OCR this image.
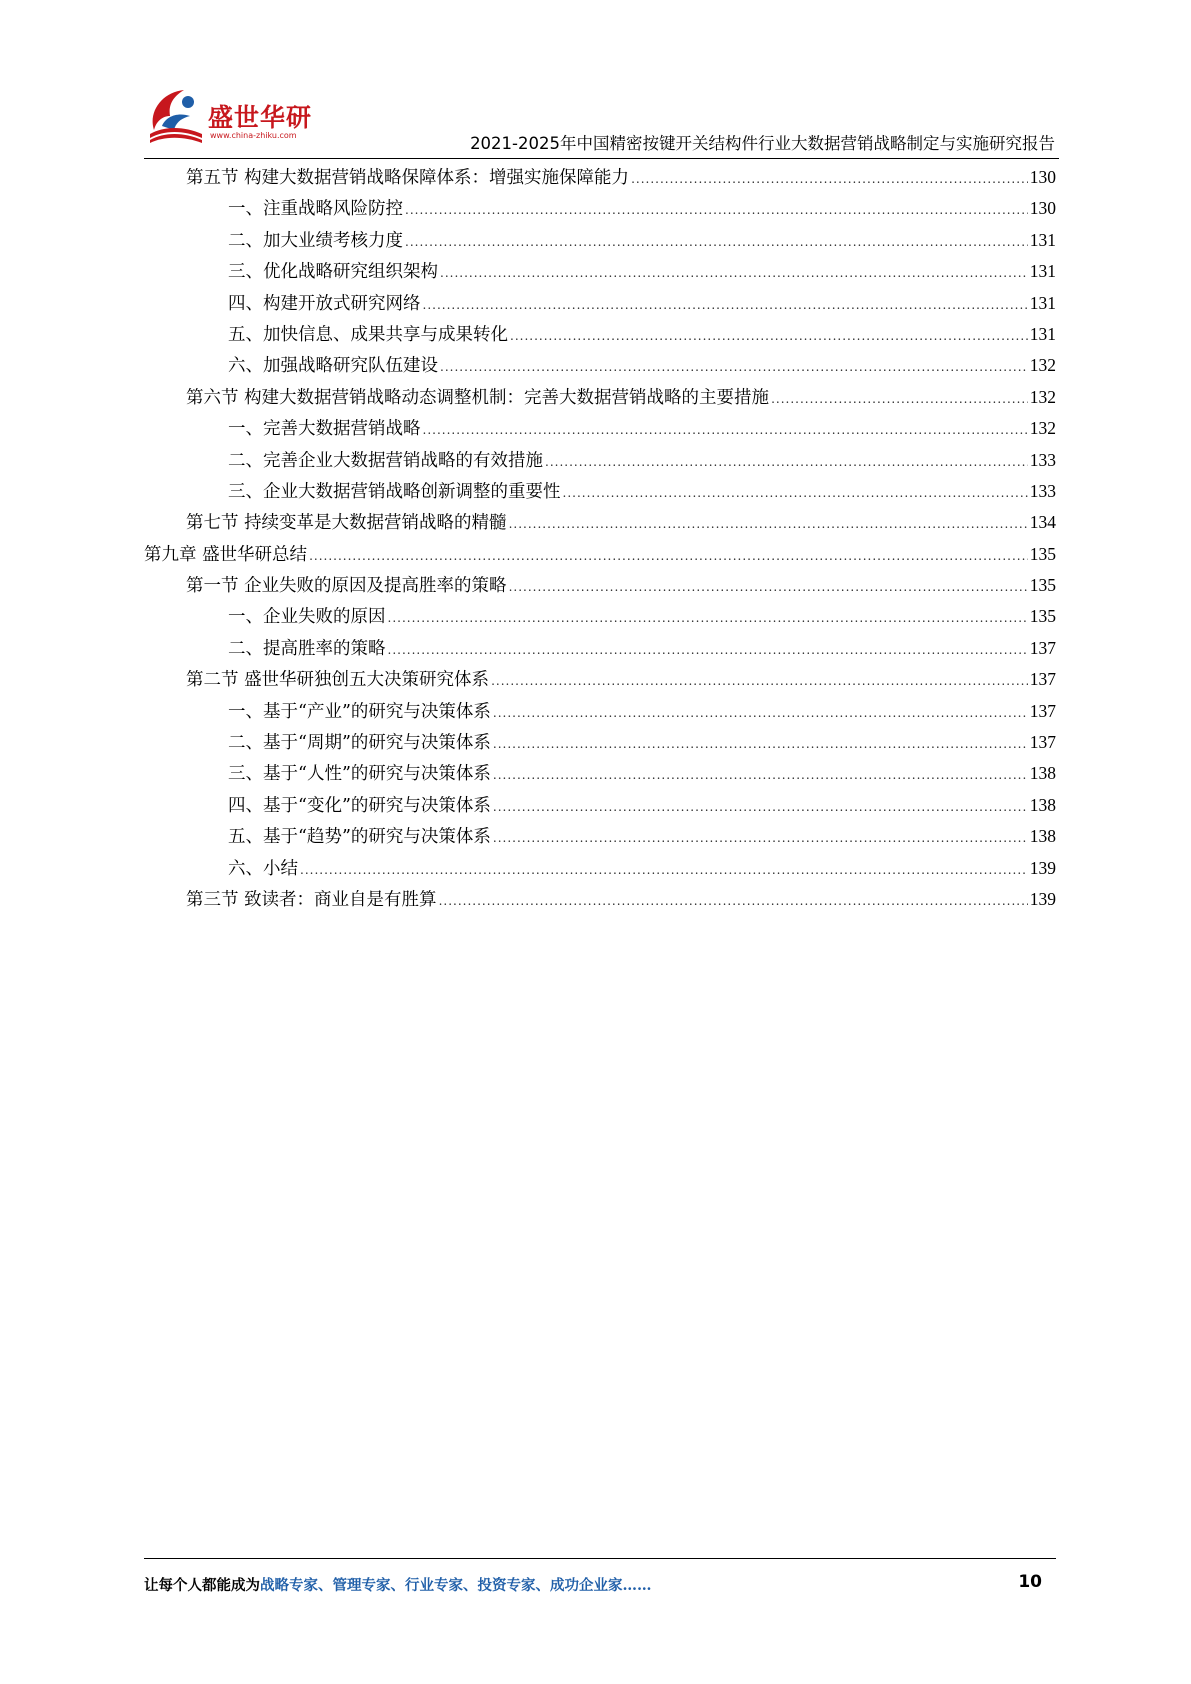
盛世华研
www.china-zhiku.com	2021-2025年中国精密按键开关结构件行业大数据营销战略制定与实施研究报告
第五节 构建大数据营销战略保障体系：增强实施保障能力 .....	130
一、注重战略风险防控 .....	130
二、加大业绩考核力度 .....	131
三、优化战略研究组织架构 .....	131
四、构建开放式研究网络 .....	131
五、加快信息、成果共享与成果转化 .....	131
六、加强战略研究队伍建设 .....	132
第六节 构建大数据营销战略动态调整机制：完善大数据营销战略的主要措施 .....	132
一、完善大数据营销战略 .....	132
二、完善企业大数据营销战略的有效措施 .....	133
三、企业大数据营销战略创新调整的重要性 .....	133
第七节 持续变革是大数据营销战略的精髓 .....	134
第九章 盛世华研总结 .....	135
第一节 企业失败的原因及提高胜率的策略 .....	135
一、企业失败的原因 .....	135
二、提高胜率的策略 .....	137
第二节 盛世华研独创五大决策研究体系 .....	137
一、基于“产业”的研究与决策体系 .....	137
二、基于“周期”的研究与决策体系 .....	137
三、基于“人性”的研究与决策体系 .....	138
四、基于“变化”的研究与决策体系 .....	138
五、基于“趋势”的研究与决策体系 .....	138
六、小结 .....	139
第三节 致读者：商业自是有胜算 .....	139
让每个人都能成为战略专家、管理专家、行业专家、投资专家、成功企业家……	10
